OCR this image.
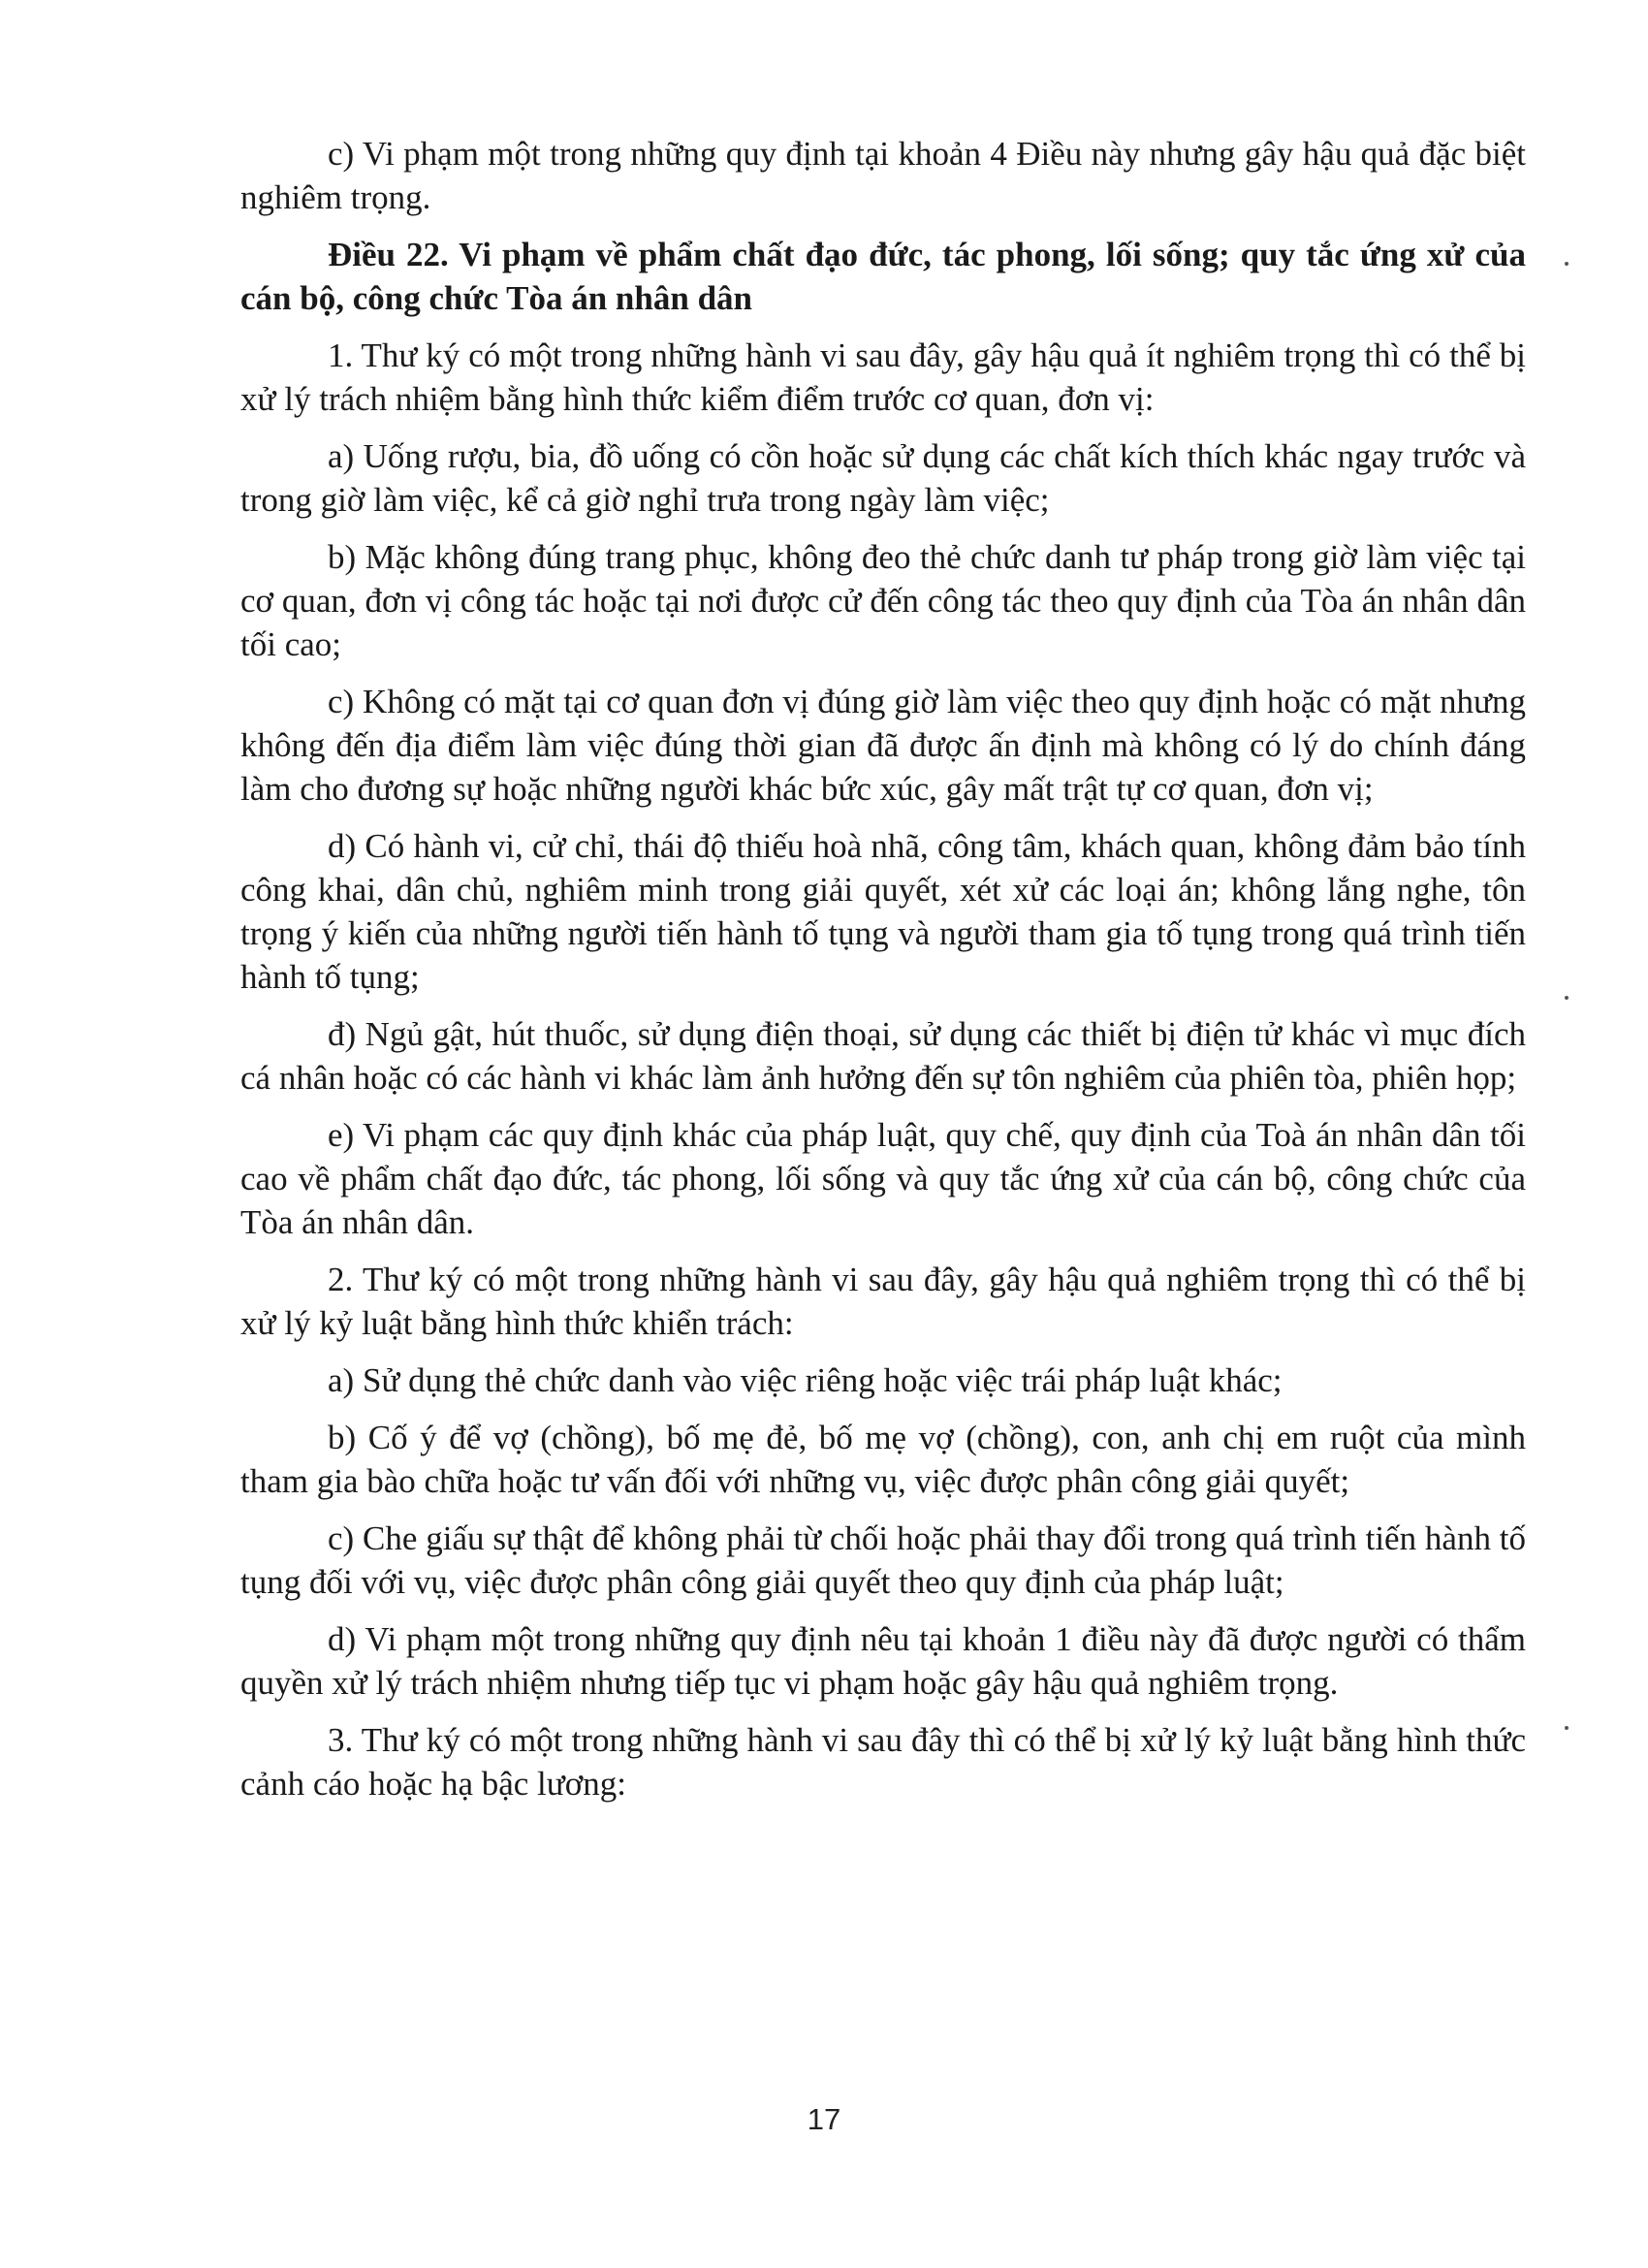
c) Vi phạm một trong những quy định tại khoản 4 Điều này nhưng gây hậu quả đặc biệt nghiêm trọng.

Điều 22. Vi phạm về phẩm chất đạo đức, tác phong, lối sống; quy tắc ứng xử của cán bộ, công chức Tòa án nhân dân

1. Thư ký có một trong những hành vi sau đây, gây hậu quả ít nghiêm trọng thì có thể bị xử lý trách nhiệm bằng hình thức kiểm điểm trước cơ quan, đơn vị:

a) Uống rượu, bia, đồ uống có cồn hoặc sử dụng các chất kích thích khác ngay trước và trong giờ làm việc, kể cả giờ nghỉ trưa trong ngày làm việc;

b) Mặc không đúng trang phục, không đeo thẻ chức danh tư pháp trong giờ làm việc tại cơ quan, đơn vị công tác hoặc tại nơi được cử đến công tác theo quy định của Tòa án nhân dân tối cao;

c) Không có mặt tại cơ quan đơn vị đúng giờ làm việc theo quy định hoặc có mặt nhưng không đến địa điểm làm việc đúng thời gian đã được ấn định mà không có lý do chính đáng làm cho đương sự hoặc những người khác bức xúc, gây mất trật tự cơ quan, đơn vị;

d) Có hành vi, cử chỉ, thái độ thiếu hoà nhã, công tâm, khách quan, không đảm bảo tính công khai, dân chủ, nghiêm minh trong giải quyết, xét xử các loại án; không lắng nghe, tôn trọng ý kiến của những người tiến hành tố tụng và người tham gia tố tụng trong quá trình tiến hành tố tụng;

đ) Ngủ gật, hút thuốc, sử dụng điện thoại, sử dụng các thiết bị điện tử khác vì mục đích cá nhân hoặc có các hành vi khác làm ảnh hưởng đến sự tôn nghiêm của phiên tòa, phiên họp;

e) Vi phạm các quy định khác của pháp luật, quy chế, quy định của Toà án nhân dân tối cao về phẩm chất đạo đức, tác phong, lối sống và quy tắc ứng xử của cán bộ, công chức của Tòa án nhân dân.

2. Thư ký có một trong những hành vi sau đây, gây hậu quả nghiêm trọng thì có thể bị xử lý kỷ luật bằng hình thức khiển trách:

a) Sử dụng thẻ chức danh vào việc riêng hoặc việc trái pháp luật khác;

b) Cố ý để vợ (chồng), bố mẹ đẻ, bố mẹ vợ (chồng), con, anh chị em ruột của mình tham gia bào chữa hoặc tư vấn đối với những vụ, việc được phân công giải quyết;

c) Che giấu sự thật để không phải từ chối hoặc phải thay đổi trong quá trình tiến hành tố tụng đối với vụ, việc được phân công giải quyết theo quy định của pháp luật;

d) Vi phạm một trong những quy định nêu tại khoản 1 điều này đã được người có thẩm quyền xử lý trách nhiệm nhưng tiếp tục vi phạm hoặc gây hậu quả nghiêm trọng.

3. Thư ký có một trong những hành vi sau đây thì có thể bị xử lý kỷ luật bằng hình thức cảnh cáo hoặc hạ bậc lương:

17
